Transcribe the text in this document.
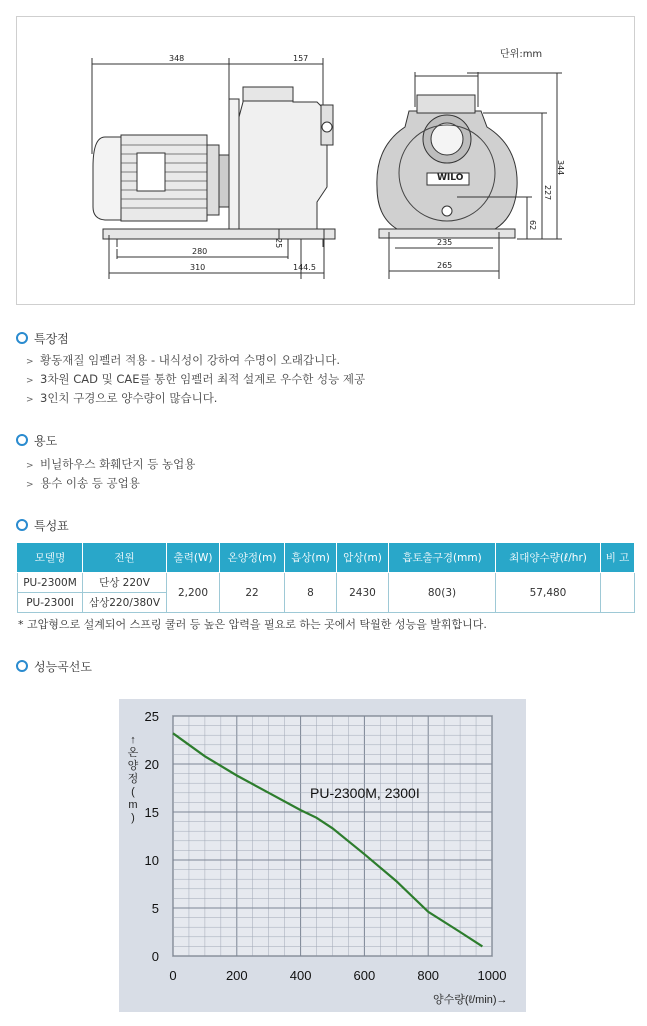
단위:mm
348	157
280
310	144.5
25
WILO
235
265
344
227
62
특장점
> 황동재질 임펠러 적용 - 내식성이 강하여 수명이 오래갑니다.
> 3차원 CAD 및 CAE를 통한 임펠러 최적 설계로 우수한 성능 제공
> 3인치 구경으로 양수량이 많습니다.
용도
> 비닐하우스 화훼단지 등 농업용
> 용수 이송 등 공업용
특성표
모델명	전원	출력(W)	온양정(m)	흡상(m)	압상(m)	흡토출구경(mm)	최대양수량(ℓ/hr)	비 고
PU-2300M	단상 220V	2,200	22	8	2430	80(3)	57,480	
PU-2300I	삼상220/380V							
* 고압형으로 설계되어 스프링 쿨러 등 높은 압력을 필요로 하는 곳에서 탁월한 성능을 발휘합니다.
성능곡선도
0	200	400	600	800	1000
0
5
10
15
20
25
PU-2300M, 2300I
양수량(ℓ/min)→
↑
온
양
정
(
m
)
